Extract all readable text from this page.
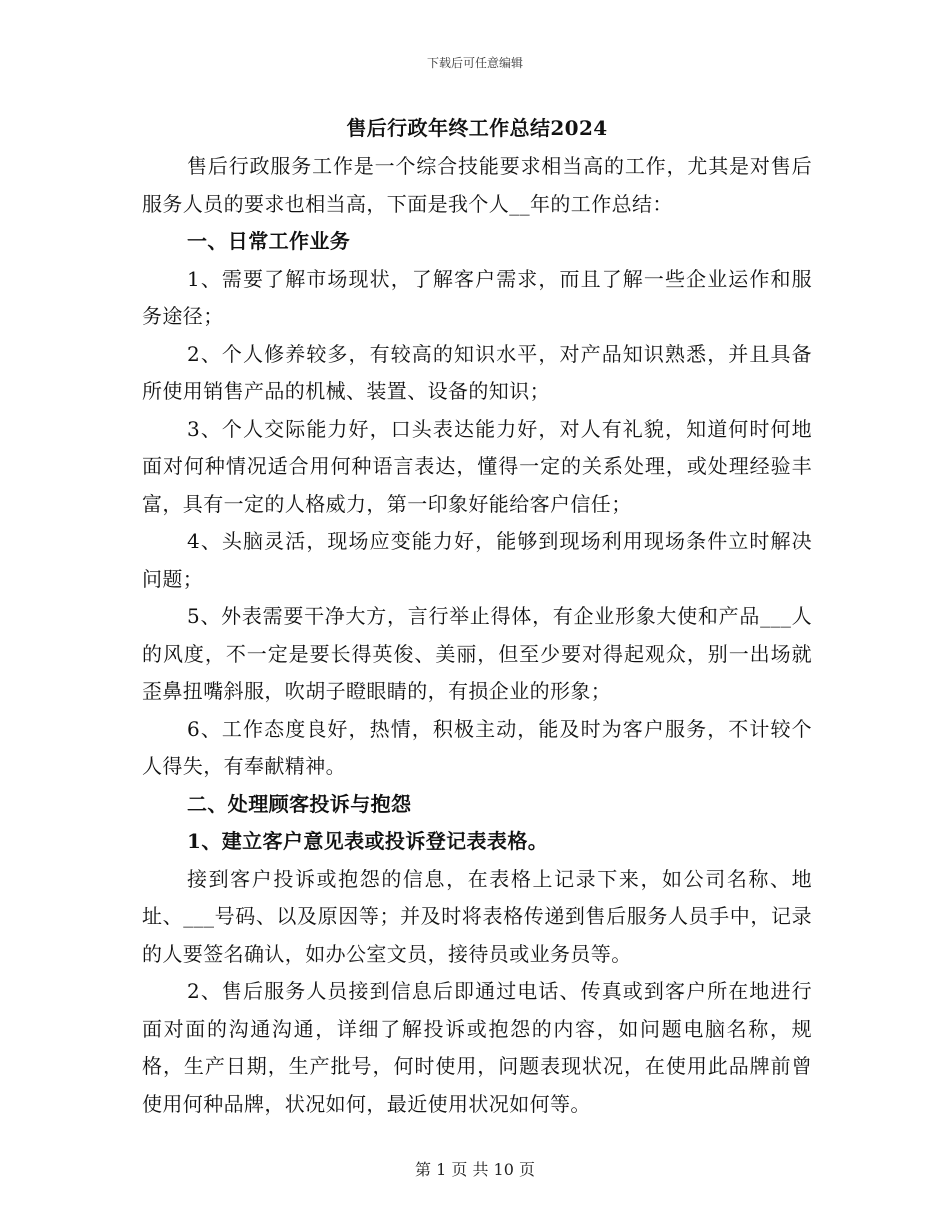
下载后可任意编辑
售后行政年终工作总结2024

售后行政服务工作是一个综合技能要求相当高的工作，尤其是对售后服务人员的要求也相当高，下面是我个人__年的工作总结：

一、日常工作业务

1、需要了解市场现状，了解客户需求，而且了解一些企业运作和服务途径；

2、个人修养较多，有较高的知识水平，对产品知识熟悉，并且具备所使用销售产品的机械、装置、设备的知识；

3、个人交际能力好，口头表达能力好，对人有礼貌，知道何时何地面对何种情况适合用何种语言表达，懂得一定的关系处理，或处理经验丰富，具有一定的人格威力，第一印象好能给客户信任；

4、头脑灵活，现场应变能力好，能够到现场利用现场条件立时解决问题；

5、外表需要干净大方，言行举止得体，有企业形象大使和产品___人的风度，不一定是要长得英俊、美丽，但至少要对得起观众，别一出场就歪鼻扭嘴斜服，吹胡子瞪眼睛的，有损企业的形象；

6、工作态度良好，热情，积极主动，能及时为客户服务，不计较个人得失，有奉献精神。

二、处理顾客投诉与抱怨

1、建立客户意见表或投诉登记表表格。

接到客户投诉或抱怨的信息，在表格上记录下来，如公司名称、地址、___号码、以及原因等；并及时将表格传递到售后服务人员手中，记录的人要签名确认，如办公室文员，接待员或业务员等。

2、售后服务人员接到信息后即通过电话、传真或到客户所在地进行面对面的沟通沟通，详细了解投诉或抱怨的内容，如问题电脑名称，规格，生产日期，生产批号，何时使用，问题表现状况，在使用此品牌前曾使用何种品牌，状况如何，最近使用状况如何等。

第 1 页 共 10 页
